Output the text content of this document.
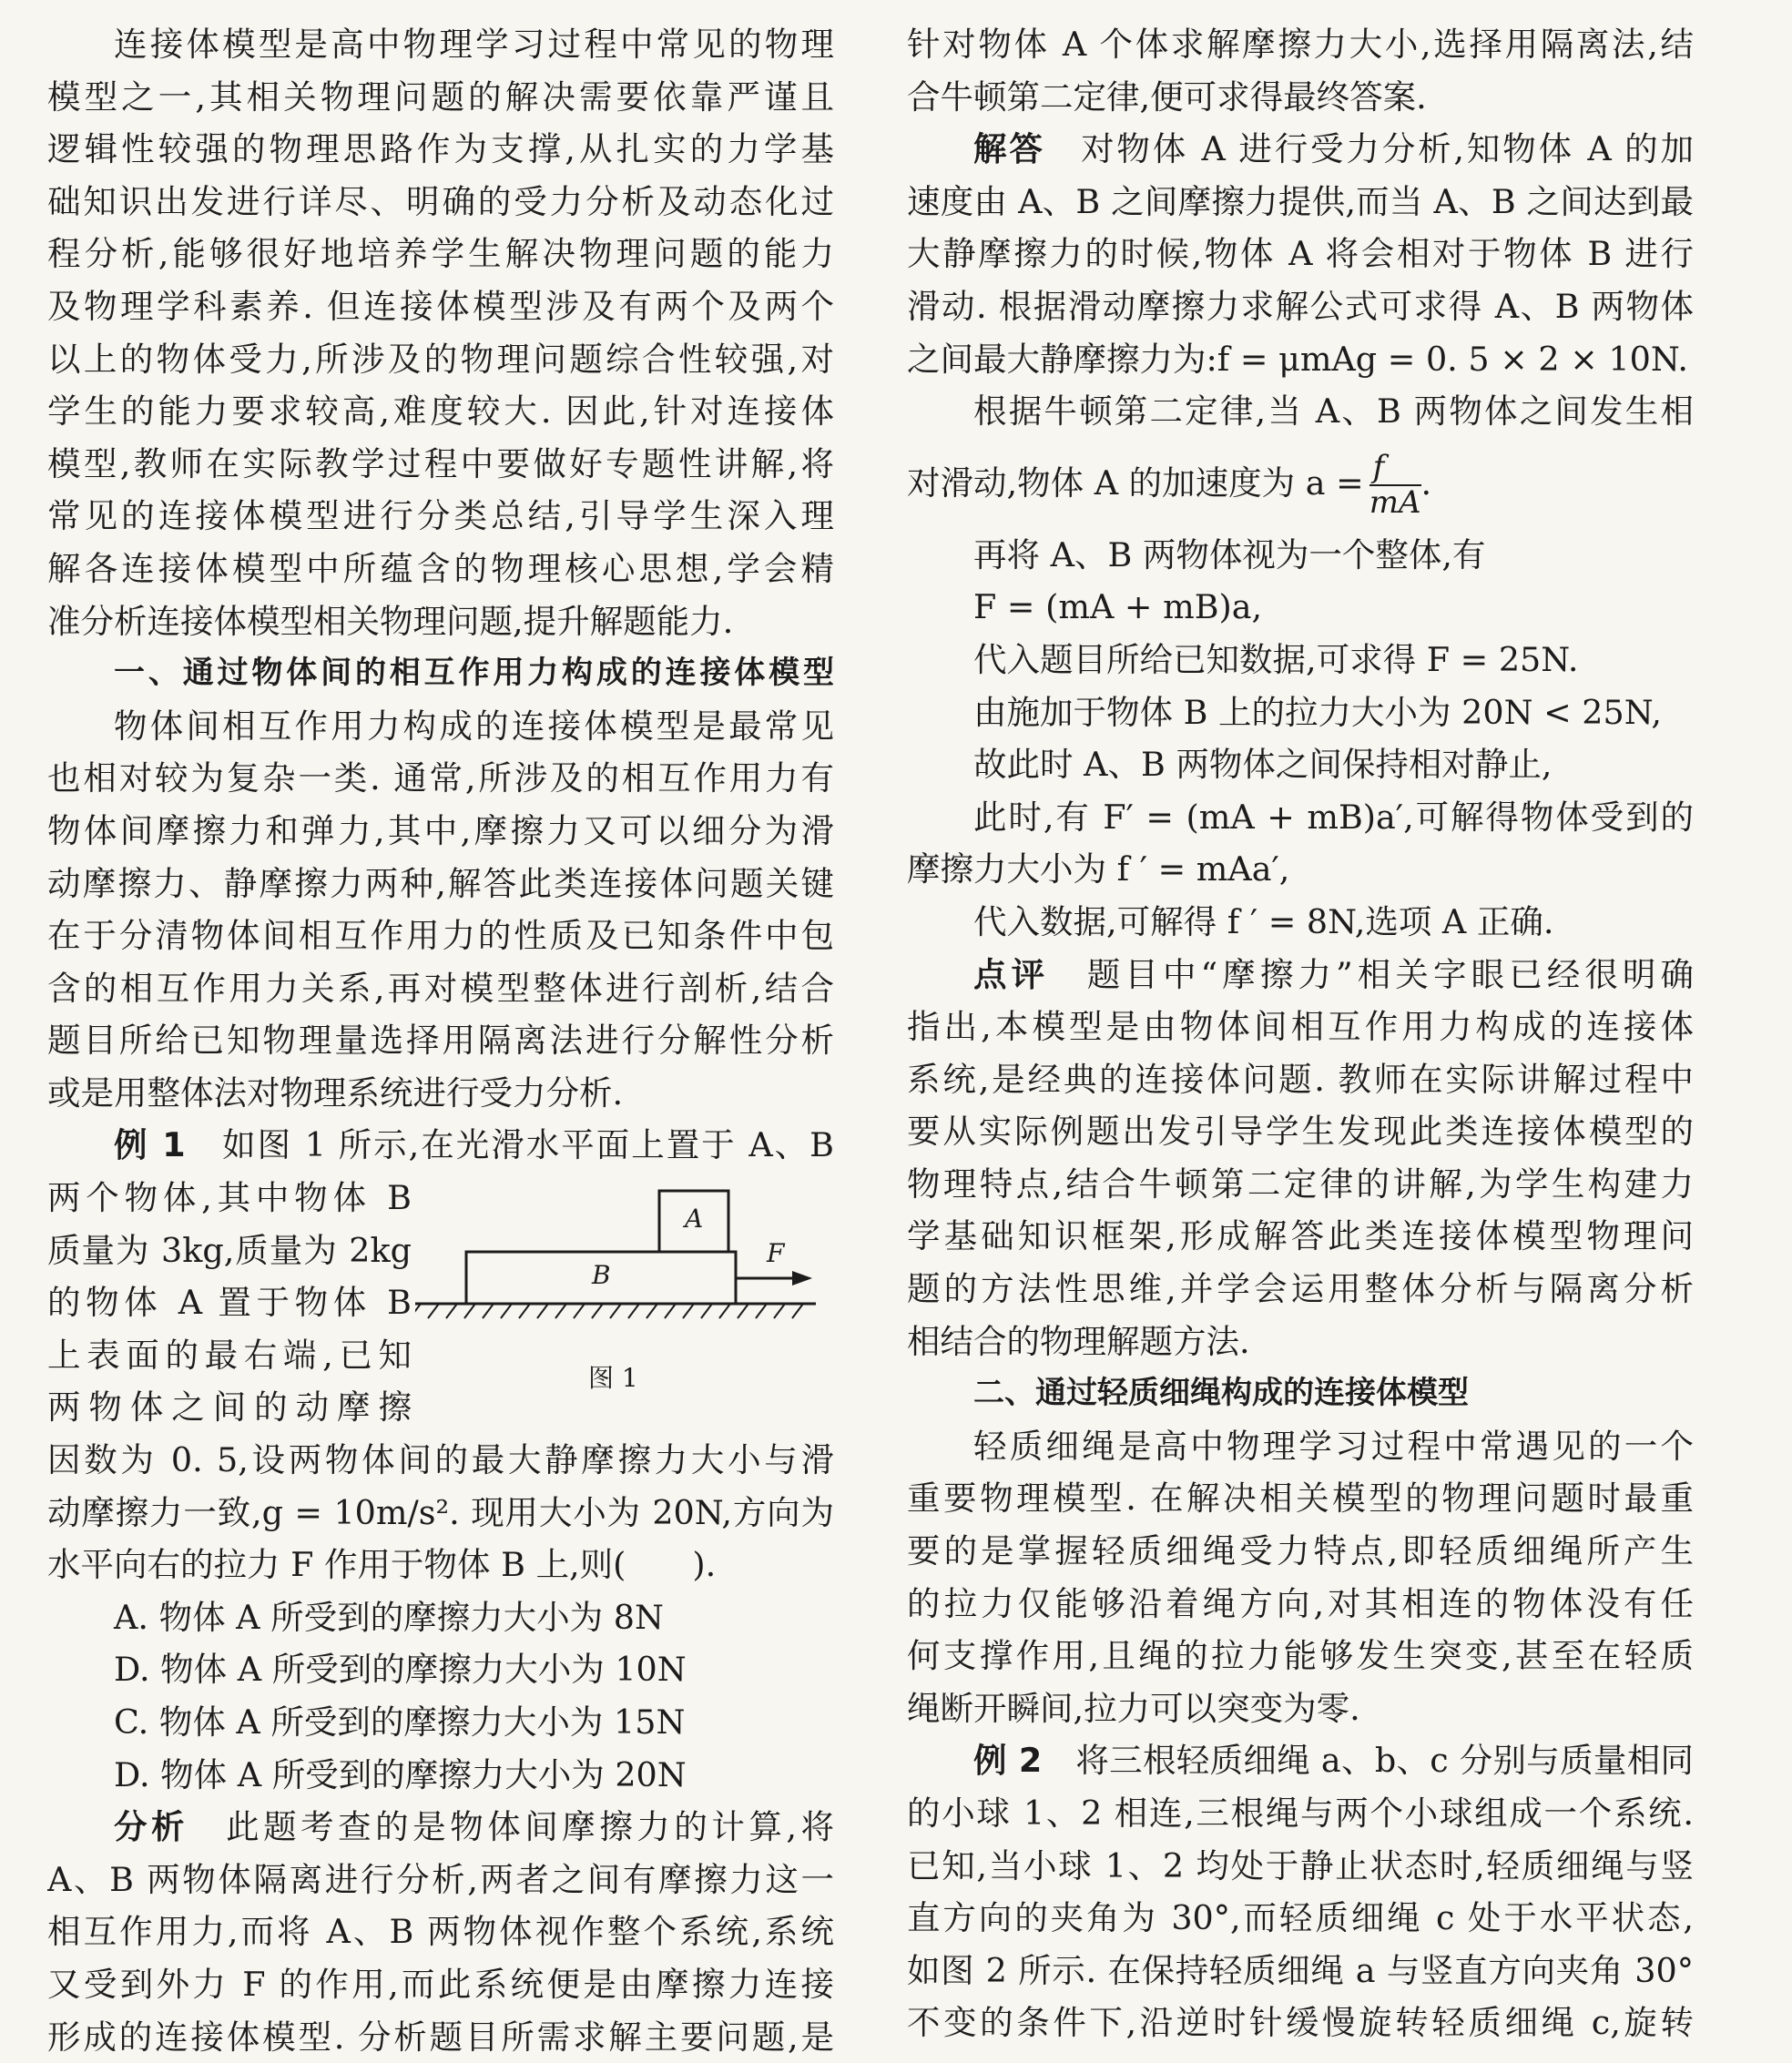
连接体模型是高中物理学习过程中常见的物理
模型之一,其相关物理问题的解决需要依靠严谨且
逻辑性较强的物理思路作为支撑,从扎实的力学基
础知识出发进行详尽、明确的受力分析及动态化过
程分析,能够很好地培养学生解决物理问题的能力
及物理学科素养. 但连接体模型涉及有两个及两个
以上的物体受力,所涉及的物理问题综合性较强,对
学生的能力要求较高,难度较大. 因此,针对连接体
模型,教师在实际教学过程中要做好专题性讲解,将
常见的连接体模型进行分类总结,引导学生深入理
解各连接体模型中所蕴含的物理核心思想,学会精
准分析连接体模型相关物理问题,提升解题能力.
一、通过物体间的相互作用力构成的连接体模型
物体间相互作用力构成的连接体模型是最常见
也相对较为复杂一类. 通常,所涉及的相互作用力有
物体间摩擦力和弹力,其中,摩擦力又可以细分为滑
动摩擦力、静摩擦力两种,解答此类连接体问题关键
在于分清物体间相互作用力的性质及已知条件中包
含的相互作用力关系,再对模型整体进行剖析,结合
题目所给已知物理量选择用隔离法进行分解性分析
或是用整体法对物理系统进行受力分析.
例 1　 如图 1 所示,在光滑水平面上置于 A、B
两个物体,其中物体 B
质量为 3kg,质量为 2kg
的物体 A 置于物体 B
上表面的最右端,已知
两物体之间的动摩擦
因数为 0. 5,设两物体间的最大静摩擦力大小与滑
动摩擦力一致,g = 10m/s². 现用大小为 20N,方向为
水平向右的拉力 F 作用于物体 B 上,则(　　).
A. 物体 A 所受到的摩擦力大小为 8N
D. 物体 A 所受到的摩擦力大小为 10N
C. 物体 A 所受到的摩擦力大小为 15N
D. 物体 A 所受到的摩擦力大小为 20N
分析　 此题考查的是物体间摩擦力的计算,将
A、B 两物体隔离进行分析,两者之间有摩擦力这一
相互作用力,而将 A、B 两物体视作整个系统,系统
又受到外力 F 的作用,而此系统便是由摩擦力连接
形成的连接体模型. 分析题目所需求解主要问题,是
A
B
F
图 1
针对物体 A 个体求解摩擦力大小,选择用隔离法,结
合牛顿第二定律,便可求得最终答案.
解答　 对物体 A 进行受力分析,知物体 A 的加
速度由 A、B 之间摩擦力提供,而当 A、B 之间达到最
大静摩擦力的时候,物体 A 将会相对于物体 B 进行
滑动. 根据滑动摩擦力求解公式可求得 A、B 两物体
之间最大静摩擦力为:f = μmAg = 0. 5 × 2 × 10N.
根据牛顿第二定律,当 A、B 两物体之间发生相
对滑动,物体 A 的加速度为 $a = \frac{f}{mA}$ .
再将 A、B 两物体视为一个整体,有
F = (mA + mB)a,
代入题目所给已知数据,可求得 F = 25N.
由施加于物体 B 上的拉力大小为 20N < 25N,
故此时 A、B 两物体之间保持相对静止,
此时,有 F′ = (mA + mB)a′,可解得物体受到的
摩擦力大小为 f ′ = mAa′,
代入数据,可解得 f ′ = 8N,选项 A 正确.
点评　 题目中“摩擦力”相关字眼已经很明确
指出,本模型是由物体间相互作用力构成的连接体
系统,是经典的连接体问题. 教师在实际讲解过程中
要从实际例题出发引导学生发现此类连接体模型的
物理特点,结合牛顿第二定律的讲解,为学生构建力
学基础知识框架,形成解答此类连接体模型物理问
题的方法性思维,并学会运用整体分析与隔离分析
相结合的物理解题方法.
二、通过轻质细绳构成的连接体模型
轻质细绳是高中物理学习过程中常遇见的一个
重要物理模型. 在解决相关模型的物理问题时最重
要的是掌握轻质细绳受力特点,即轻质细绳所产生
的拉力仅能够沿着绳方向,对其相连的物体没有任
何支撑作用,且绳的拉力能够发生突变,甚至在轻质
绳断开瞬间,拉力可以突变为零.
例 2　 将三根轻质细绳 a、b、c 分别与质量相同
的小球 1、2 相连,三根绳与两个小球组成一个系统.
已知,当小球 1、2 均处于静止状态时,轻质细绳与竖
直方向的夹角为 30°,而轻质细绳 c 处于水平状态,
如图 2 所示. 在保持轻质细绳 a 与竖直方向夹角 30°
不变的条件下,沿逆时针缓慢旋转轻质细绳 c,旋转
